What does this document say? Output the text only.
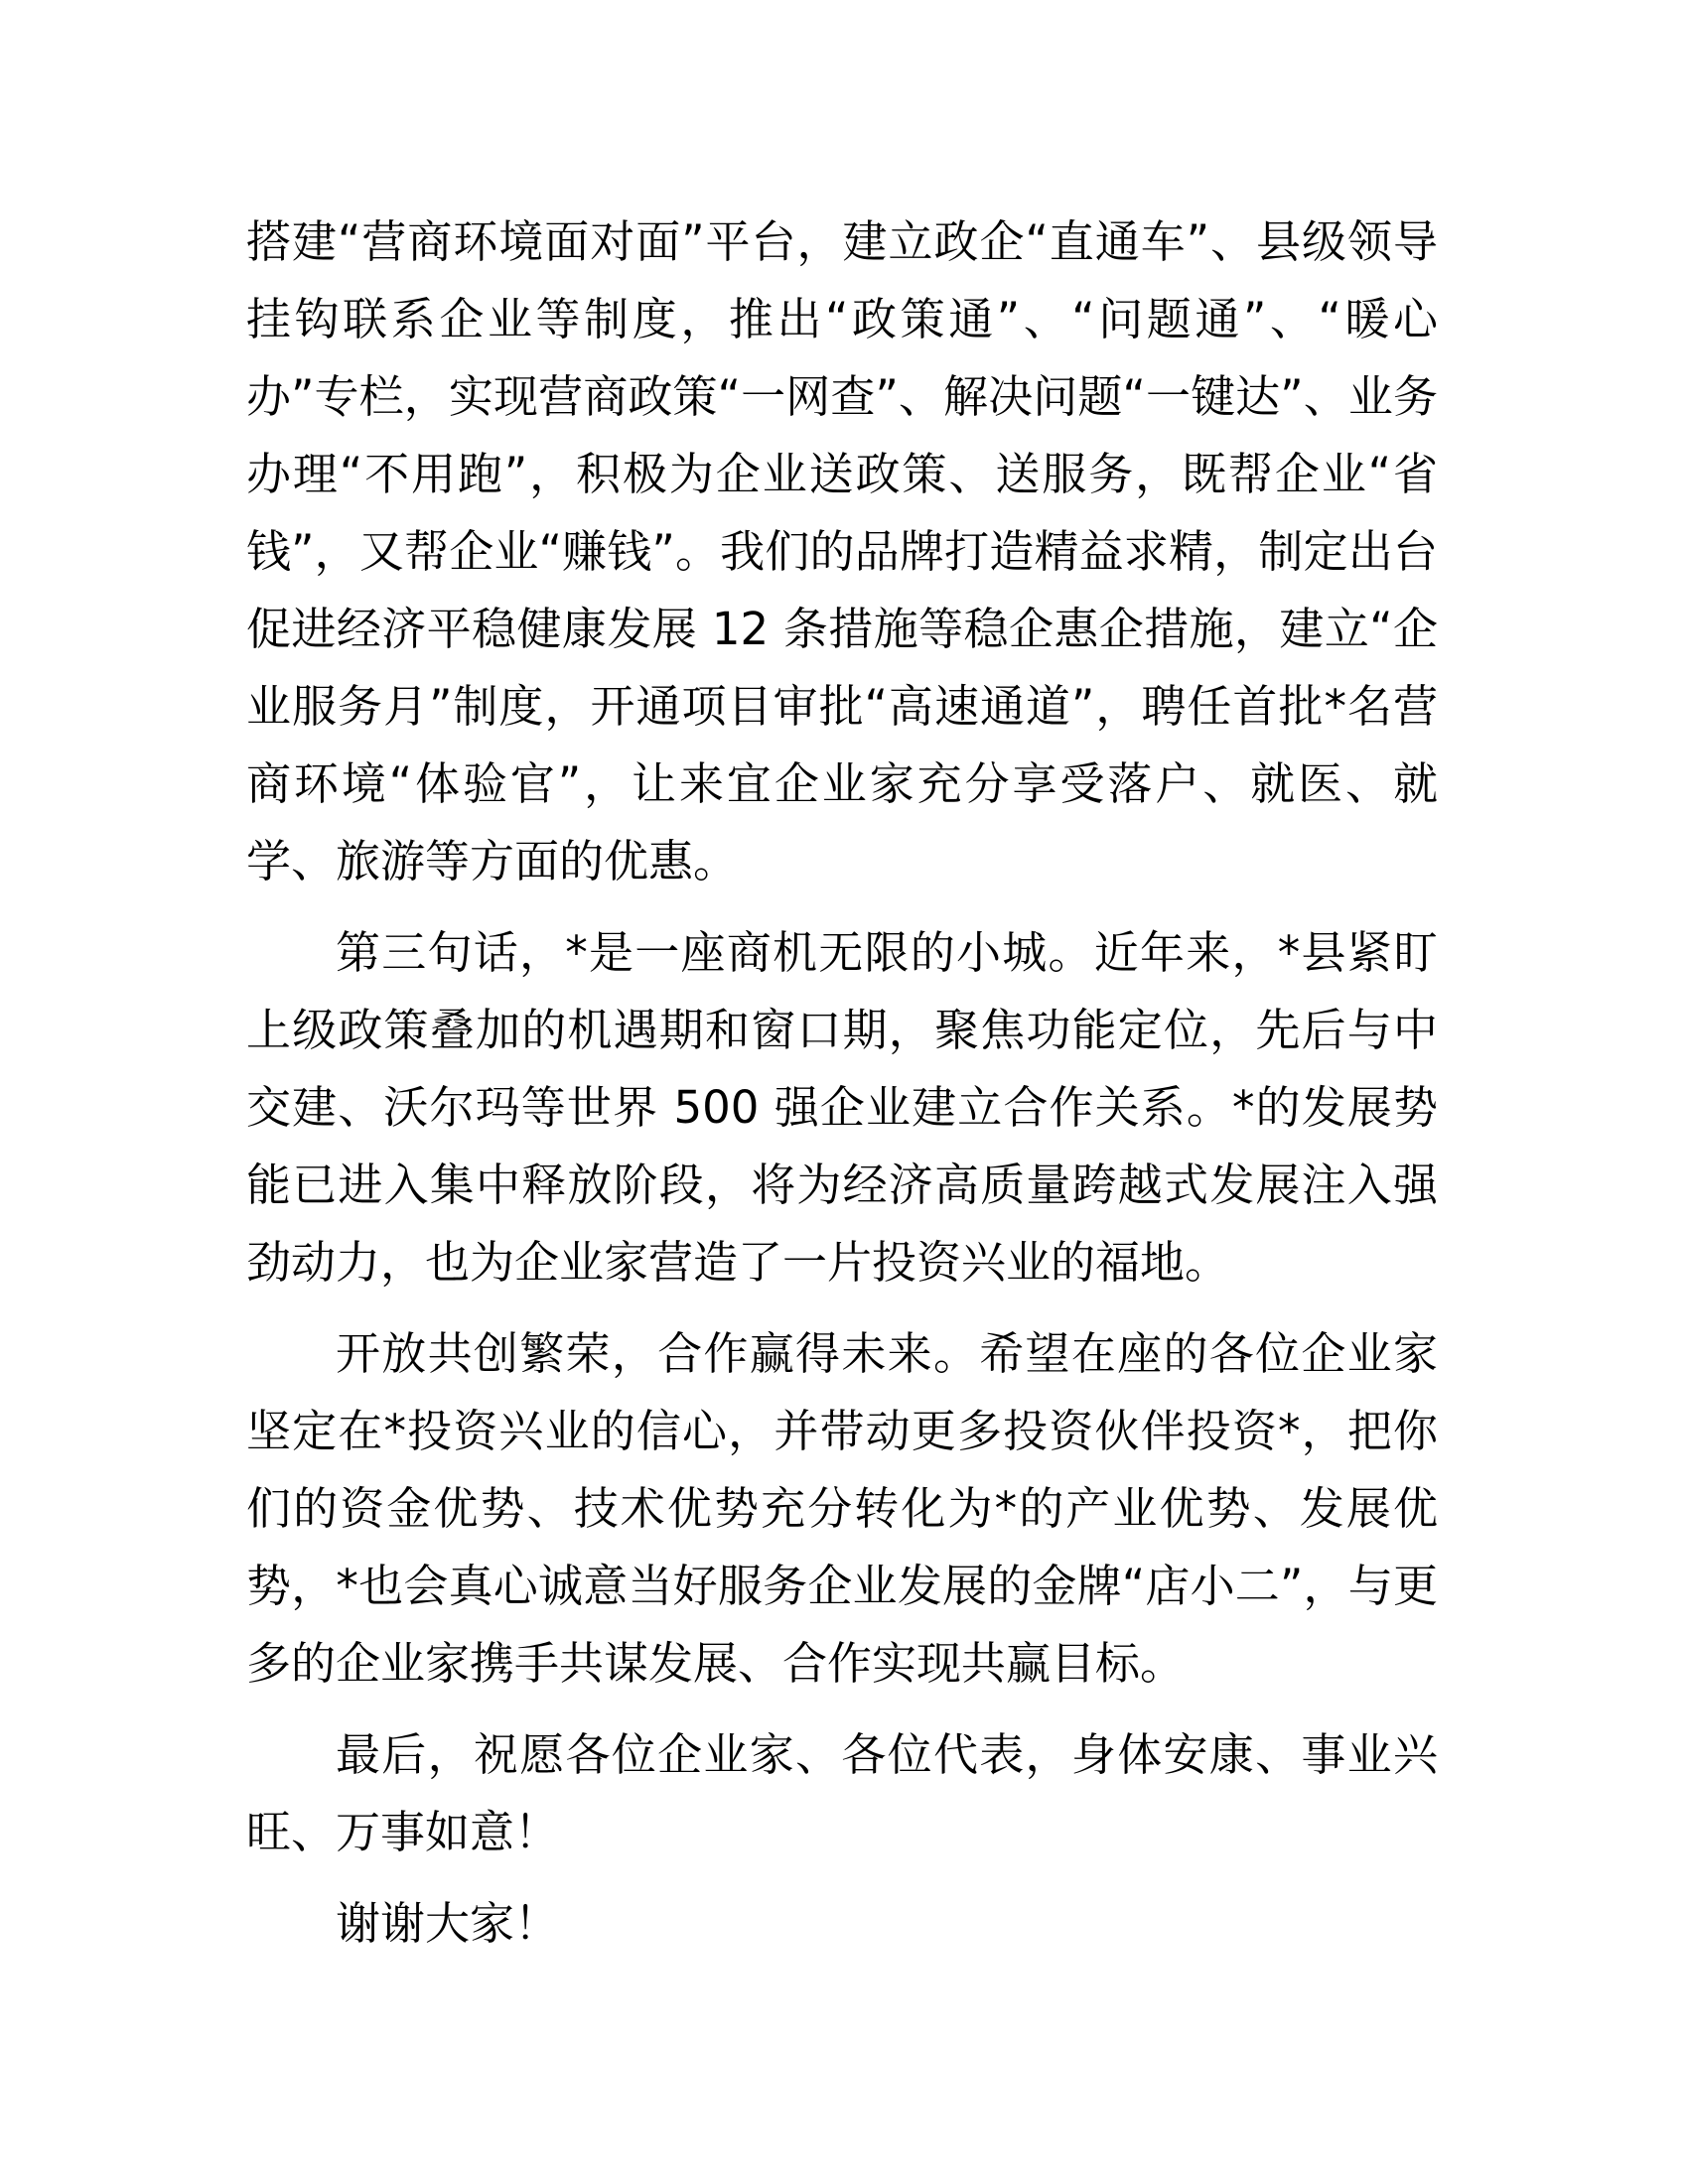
搭建“营商环境面对面”平台，建立政企“直通车”、县级领导挂钩联系企业等制度，推出“政策通”、“问题通”、“暖心办”专栏，实现营商政策“一网查”、解决问题“一键达”、业务办理“不用跑”，积极为企业送政策、送服务，既帮企业“省钱”，又帮企业“赚钱”。我们的品牌打造精益求精，制定出台促进经济平稳健康发展 12 条措施等稳企惠企措施，建立“企业服务月”制度，开通项目审批“高速通道”，聘任首批*名营商环境“体验官”，让来宜企业家充分享受落户、就医、就学、旅游等方面的优惠。

第三句话，*是一座商机无限的小城。近年来，*县紧盯上级政策叠加的机遇期和窗口期，聚焦功能定位，先后与中交建、沃尔玛等世界 500 强企业建立合作关系。*的发展势能已进入集中释放阶段，将为经济高质量跨越式发展注入强劲动力，也为企业家营造了一片投资兴业的福地。

开放共创繁荣，合作赢得未来。希望在座的各位企业家坚定在*投资兴业的信心，并带动更多投资伙伴投资*，把你们的资金优势、技术优势充分转化为*的产业优势、发展优势，*也会真心诚意当好服务企业发展的金牌“店小二”，与更多的企业家携手共谋发展、合作实现共赢目标。

最后，祝愿各位企业家、各位代表，身体安康、事业兴旺、万事如意！

谢谢大家！
